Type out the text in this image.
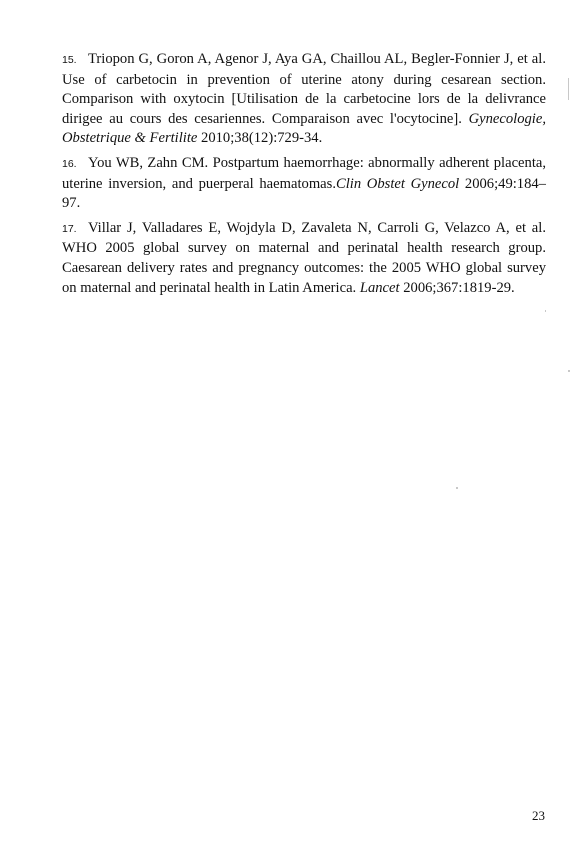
15. Triopon G, Goron A, Agenor J, Aya GA, Chaillou AL, Begler-Fonnier J, et al. Use of carbetocin in prevention of uterine atony during cesarean section. Comparison with oxytocin [Utilisation de la carbetocine lors de la delivrance dirigee au cours des cesariennes. Comparaison avec l'ocytocine]. Gynecologie, Obstetrique & Fertilite 2010;38(12):729-34.

16. You WB, Zahn CM. Postpartum haemorrhage: abnormally adherent placenta, uterine inversion, and puerperal haematomas.Clin Obstet Gynecol 2006;49:184–97.

17. Villar J, Valladares E, Wojdyla D, Zavaleta N, Carroli G, Velazco A, et al. WHO 2005 global survey on maternal and perinatal health research group. Caesarean delivery rates and pregnancy outcomes: the 2005 WHO global survey on maternal and perinatal health in Latin America. Lancet 2006;367:1819-29.

23
